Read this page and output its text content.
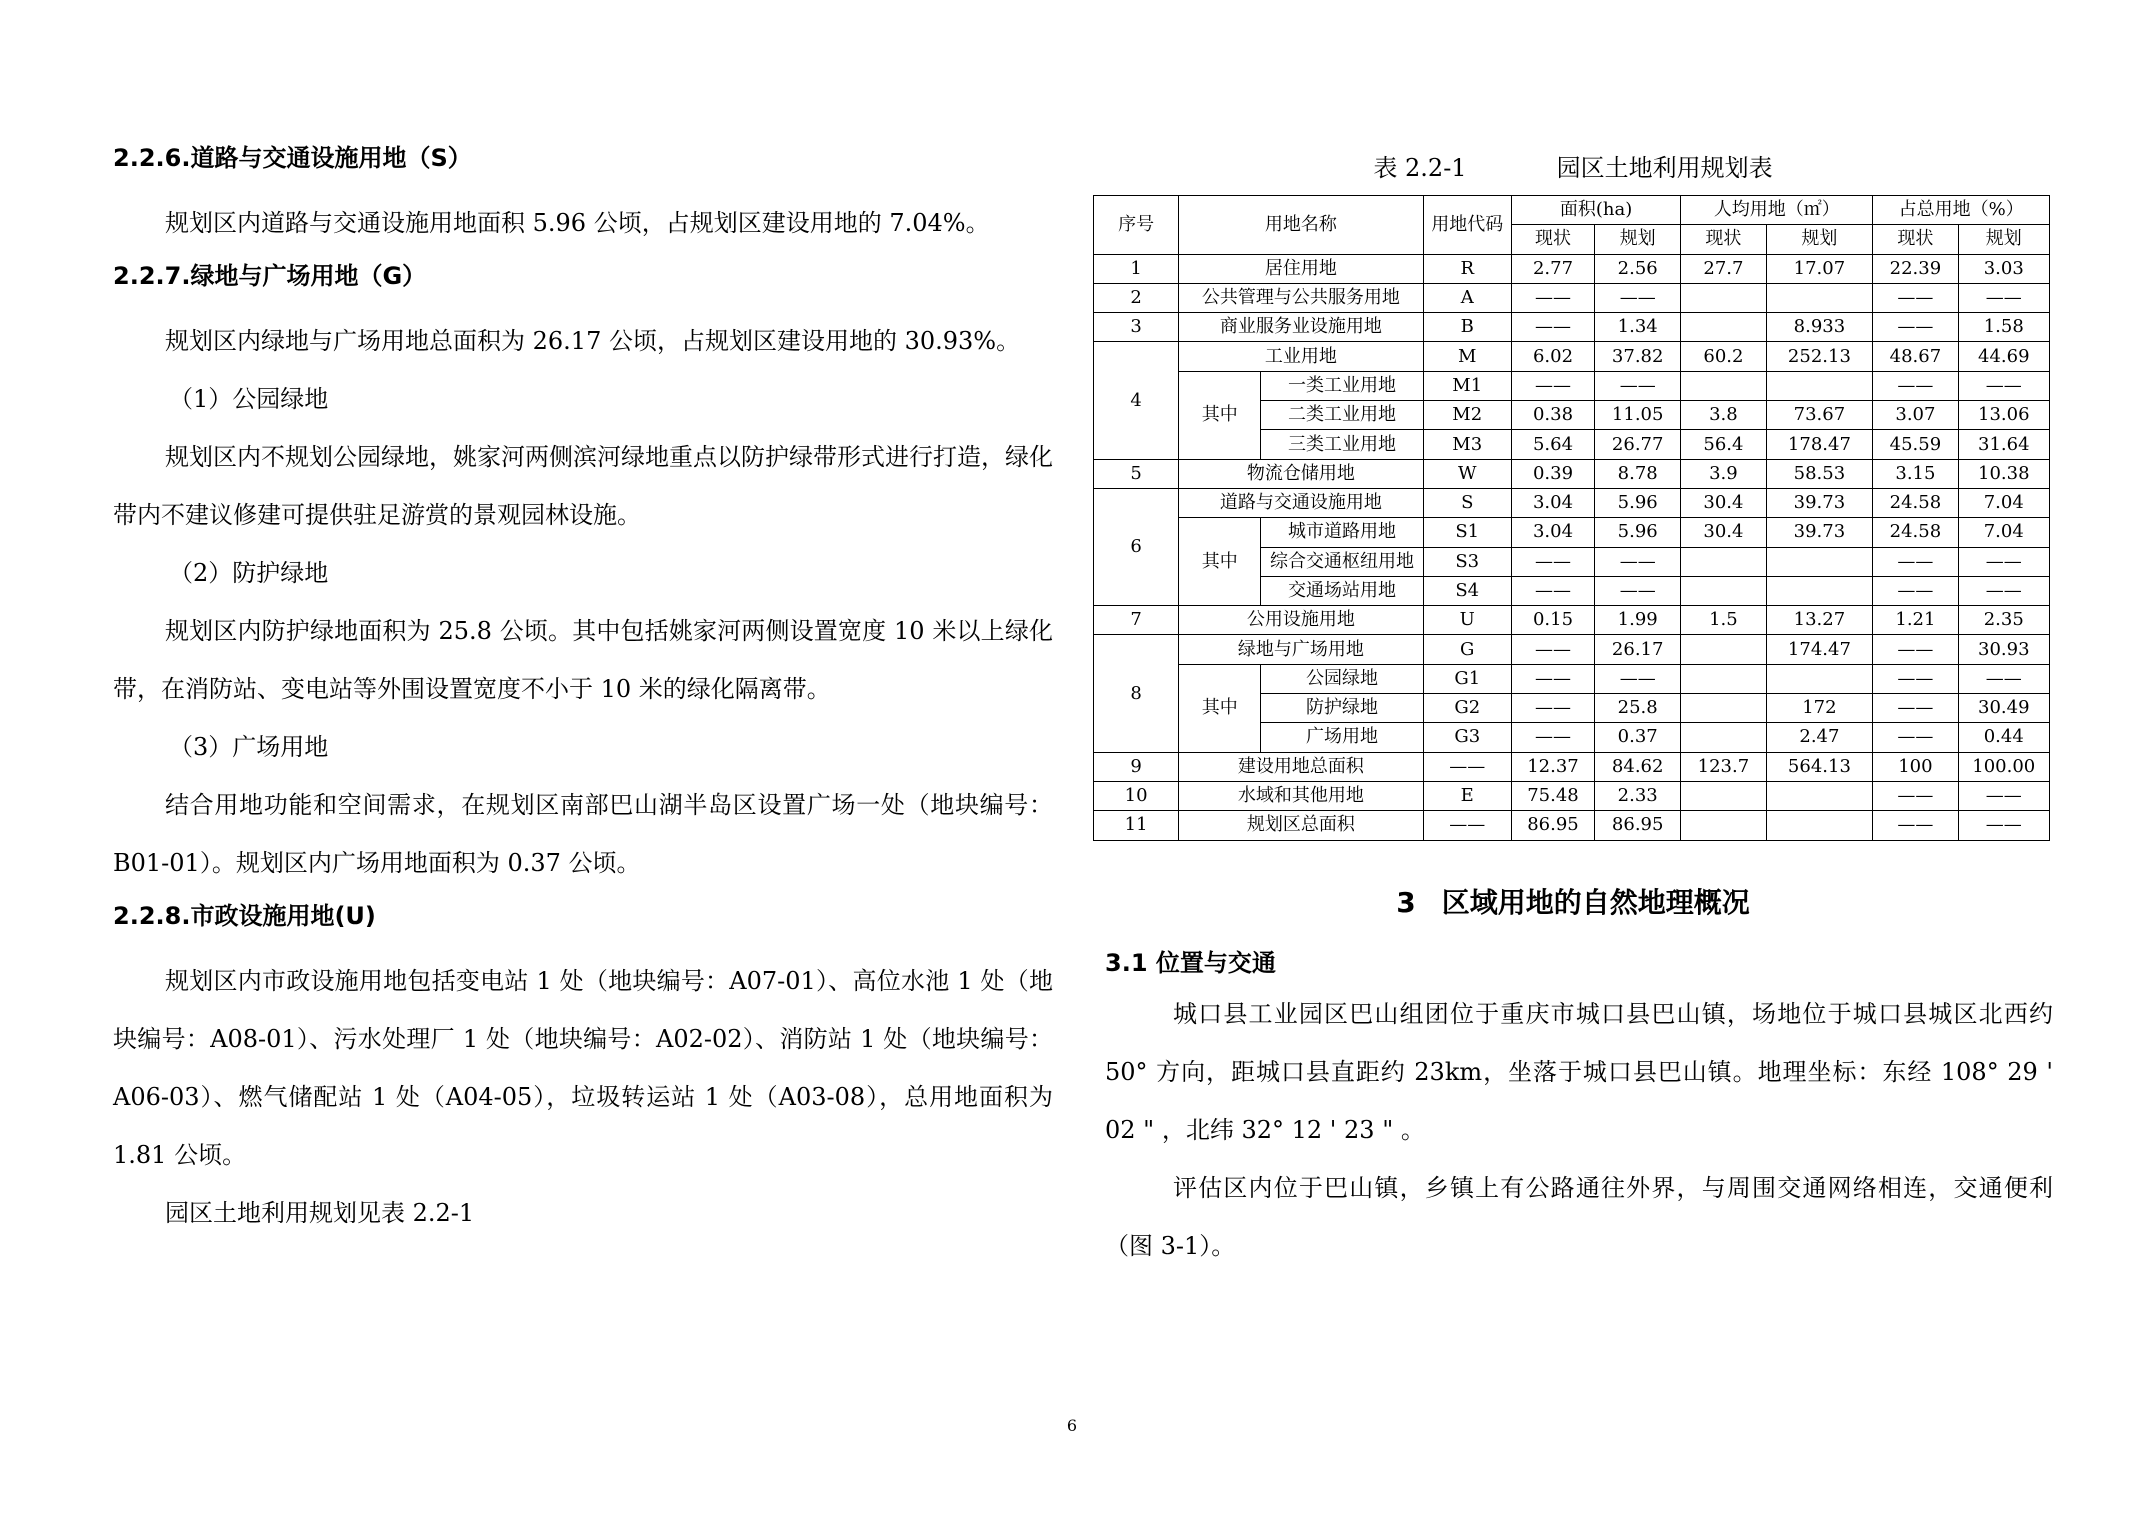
2.2.6.道路与交通设施用地（S）

规划区内道路与交通设施用地面积 5.96 公顷，占规划区建设用地的 7.04%。

2.2.7.绿地与广场用地（G）

规划区内绿地与广场用地总面积为 26.17 公顷，占规划区建设用地的 30.93%。

（1）公园绿地

规划区内不规划公园绿地，姚家河两侧滨河绿地重点以防护绿带形式进行打造，绿化带内不建议修建可提供驻足游赏的景观园林设施。

（2）防护绿地

规划区内防护绿地面积为 25.8 公顷。其中包括姚家河两侧设置宽度 10 米以上绿化带，在消防站、变电站等外围设置宽度不小于 10 米的绿化隔离带。

（3）广场用地

结合用地功能和空间需求，在规划区南部巴山湖半岛区设置广场一处（地块编号：B01-01）。规划区内广场用地面积为 0.37 公顷。

2.2.8.市政设施用地(U)

规划区内市政设施用地包括变电站 1 处（地块编号：A07-01）、高位水池 1 处（地块编号：A08-01）、污水处理厂 1 处（地块编号：A02-02）、消防站 1 处（地块编号：A06-03）、燃气储配站 1 处（A04-05），垃圾转运站 1 处（A03-08），总用地面积为 1.81 公顷。

园区土地利用规划见表 2.2-1

表 2.2-1	园区土地利用规划表

序号	用地名称		用地代码	面积(ha)		人均用地（㎡）		占总用地（%）	
				现状	规划	现状	规划	现状	规划
1	居住用地		R	2.77	2.56	27.7	17.07	22.39	3.03
2	公共管理与公共服务用地		A	——	——			——	——
3	商业服务业设施用地		B	——	1.34		8.933	——	1.58
4	工业用地		M	6.02	37.82	60.2	252.13	48.67	44.69
	其中	一类工业用地	M1	——	——			——	——
		二类工业用地	M2	0.38	11.05	3.8	73.67	3.07	13.06
		三类工业用地	M3	5.64	26.77	56.4	178.47	45.59	31.64
5	物流仓储用地		W	0.39	8.78	3.9	58.53	3.15	10.38
6	道路与交通设施用地		S	3.04	5.96	30.4	39.73	24.58	7.04
	其中	城市道路用地	S1	3.04	5.96	30.4	39.73	24.58	7.04
		综合交通枢纽用地	S3	——	——			——	——
		交通场站用地	S4	——	——			——	——
7	公用设施用地		U	0.15	1.99	1.5	13.27	1.21	2.35
8	绿地与广场用地		G	——	26.17		174.47	——	30.93
	其中	公园绿地	G1	——	——			——	——
		防护绿地	G2	——	25.8		172	——	30.49
		广场用地	G3	——	0.37		2.47	——	0.44
9	建设用地总面积		——	12.37	84.62	123.7	564.13	100	100.00
10	水域和其他用地		E	75.48	2.33			——	——
11	规划区总面积		——	86.95	86.95			——	——

3 区域用地的自然地理概况

3.1 位置与交通

城口县工业园区巴山组团位于重庆市城口县巴山镇，场地位于城口县城区北西约 50° 方向，距城口县直距约 23km，坐落于城口县巴山镇。地理坐标：东经 108° 29 ' 02 " ，北纬 32° 12 ' 23 " 。

评估区内位于巴山镇，乡镇上有公路通往外界，与周围交通网络相连，交通便利（图 3-1）。

6
